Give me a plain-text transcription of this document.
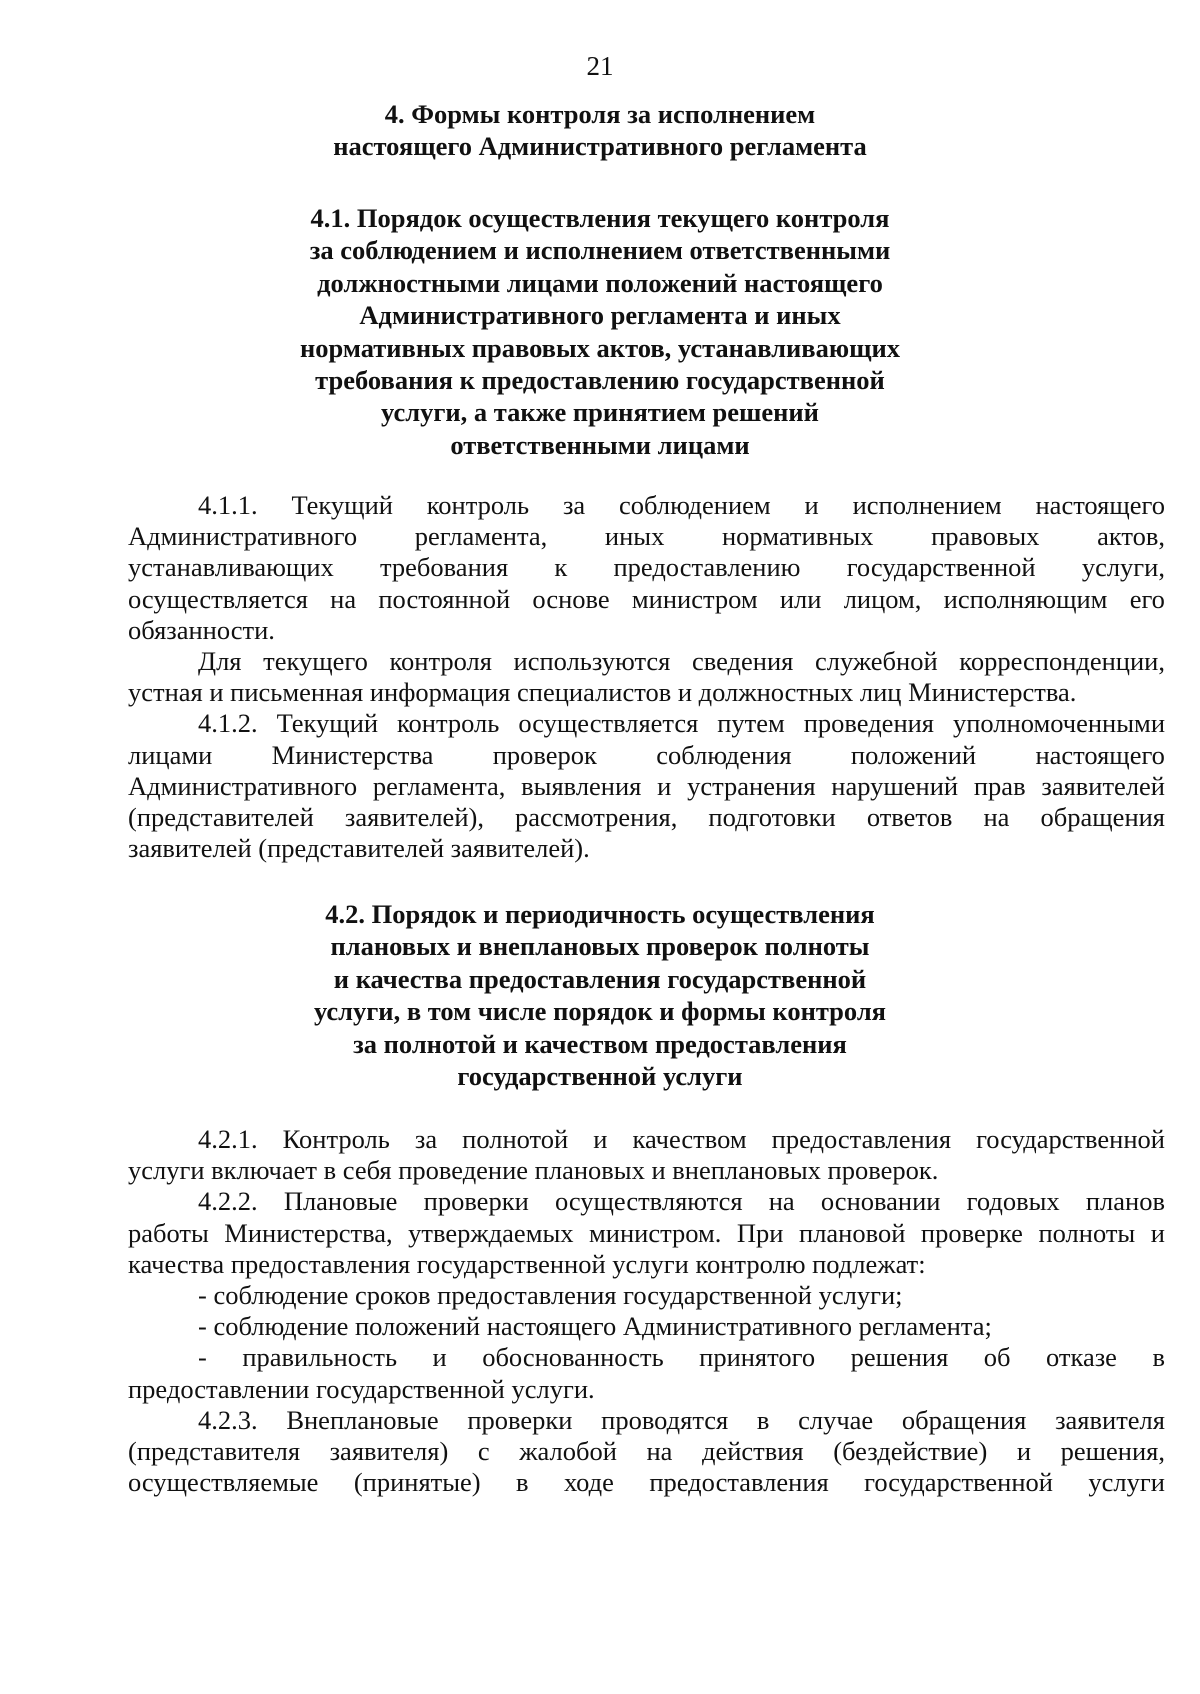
21
4. Формы контроля за исполнением
настоящего Административного регламента
4.1. Порядок осуществления текущего контроля
за соблюдением и исполнением ответственными
должностными лицами положений настоящего
Административного регламента и иных
нормативных правовых актов, устанавливающих
требования к предоставлению государственной
услуги, а также принятием решений
ответственными лицами
4.1.1. Текущий контроль за соблюдением и исполнением настоящего
Административного регламента, иных нормативных правовых актов,
устанавливающих требования к предоставлению государственной услуги,
осуществляется на постоянной основе министром или лицом, исполняющим его
обязанности.
Для текущего контроля используются сведения служебной корреспонденции,
устная и письменная информация специалистов и должностных лиц Министерства.
4.1.2. Текущий контроль осуществляется путем проведения уполномоченными
лицами Министерства проверок соблюдения положений настоящего
Административного регламента, выявления и устранения нарушений прав заявителей
(представителей заявителей), рассмотрения, подготовки ответов на обращения
заявителей (представителей заявителей).
4.2. Порядок и периодичность осуществления
плановых и внеплановых проверок полноты
и качества предоставления государственной
услуги, в том числе порядок и формы контроля
за полнотой и качеством предоставления
государственной услуги
4.2.1. Контроль за полнотой и качеством предоставления государственной
услуги включает в себя проведение плановых и внеплановых проверок.
4.2.2. Плановые проверки осуществляются на основании годовых планов
работы Министерства, утверждаемых министром. При плановой проверке полноты и
качества предоставления государственной услуги контролю подлежат:
- соблюдение сроков предоставления государственной услуги;
- соблюдение положений настоящего Административного регламента;
- правильность и обоснованность принятого решения об отказе в
предоставлении государственной услуги.
4.2.3. Внеплановые проверки проводятся в случае обращения заявителя
(представителя заявителя) с жалобой на действия (бездействие) и решения,
осуществляемые (принятые) в ходе предоставления государственной услуги
